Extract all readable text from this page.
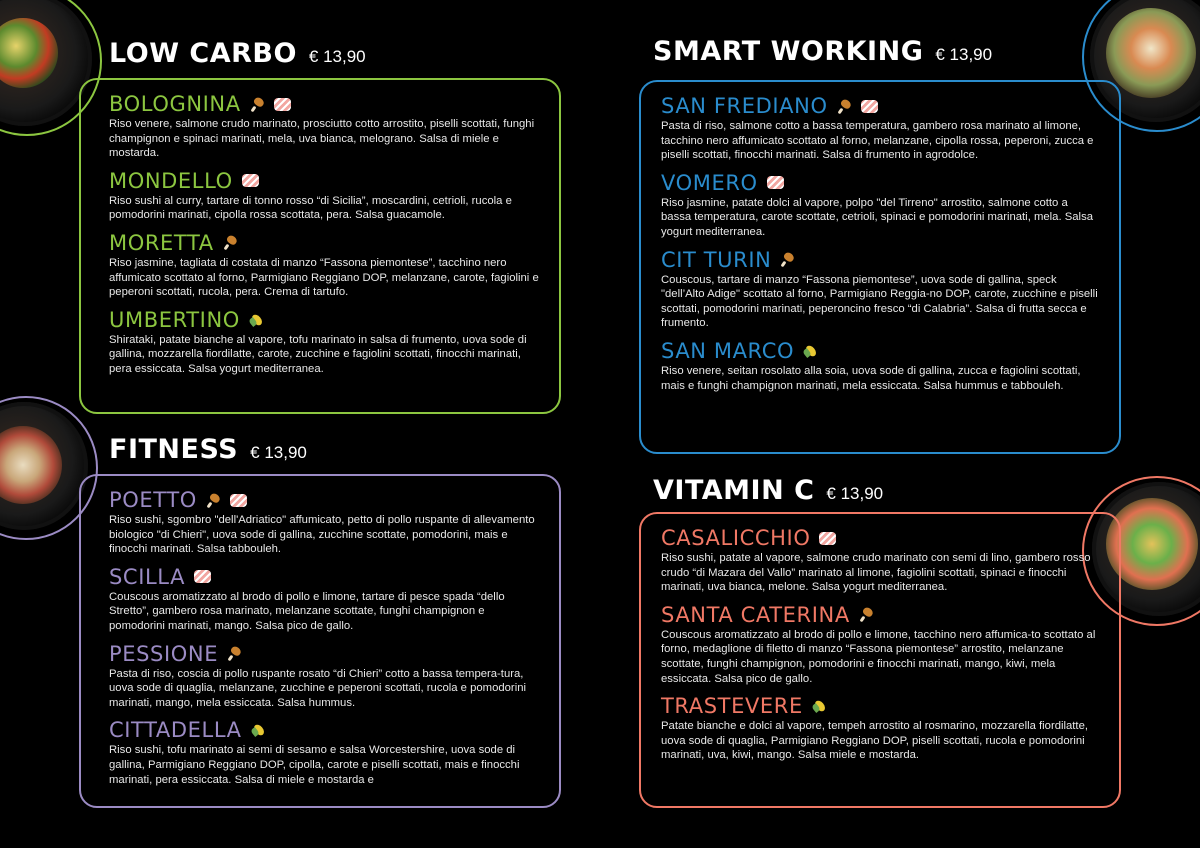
LOW CARBO € 13,90
BOLOGNINA
Riso venere, salmone crudo marinato, prosciutto cotto arrostito, piselli scottati, funghi champignon e spinaci marinati, mela, uva bianca, melograno. Salsa di miele e mostarda.
MONDELLO
Riso sushi al curry, tartare di tonno rosso “di Sicilia”, moscardini, cetrioli, rucola e pomodorini marinati, cipolla rossa scottata, pera. Salsa guacamole.
MORETTA
Riso jasmine, tagliata di costata di manzo “Fassona piemontese”, tacchino nero affumicato scottato al forno, Parmigiano Reggiano DOP, melanzane, carote, fagiolini e peperoni scottati, rucola, pera. Crema di tartufo.
UMBERTINO
Shirataki, patate bianche al vapore, tofu marinato in salsa di frumento, uova sode di gallina, mozzarella fiordilatte, carote, zucchine e fagiolini scottati, finocchi marinati, pera essiccata. Salsa yogurt mediterranea.
FITNESS € 13,90
POETTO
Riso sushi, sgombro "dell'Adriatico" affumicato, petto di pollo ruspante di allevamento biologico "di Chieri", uova sode di gallina, zucchine scottate, pomodorini, mais e finocchi marinati. Salsa tabbouleh.
SCILLA
Couscous aromatizzato al brodo di pollo e limone, tartare di pesce spada “dello Stretto”, gambero rosa marinato, melanzane scottate, funghi champignon e pomodorini marinati, mango. Salsa pico de gallo.
PESSIONE
Pasta di riso, coscia di pollo ruspante rosato “di Chieri” cotto a bassa tempera-tura, uova sode di quaglia, melanzane, zucchine e peperoni scottati, rucola e pomodorini marinati, mango, mela essiccata. Salsa hummus.
CITTADELLA
Riso sushi, tofu marinato ai semi di sesamo e salsa Worcestershire, uova sode di gallina, Parmigiano Reggiano DOP, cipolla, carote e piselli scottati, mais e finocchi marinati, pera essiccata. Salsa di miele e mostarda e
SMART WORKING € 13,90
SAN FREDIANO
Pasta di riso, salmone cotto a bassa temperatura, gambero rosa marinato al limone, tacchino nero affumicato scottato al forno, melanzane, cipolla rossa, peperoni, zucca e piselli scottati, finocchi marinati. Salsa di frumento in agrodolce.
VOMERO
Riso jasmine, patate dolci al vapore, polpo "del Tirreno" arrostito, salmone cotto a bassa temperatura, carote scottate, cetrioli, spinaci e pomodorini marinati, mela. Salsa yogurt mediterranea.
CIT TURIN
Couscous, tartare di manzo “Fassona piemontese”, uova sode di gallina, speck "dell’Alto Adige" scottato al forno, Parmigiano Reggia-no DOP, carote, zucchine e piselli scottati, pomodorini marinati, peperoncino fresco “di Calabria”. Salsa di frutta secca e frumento.
SAN MARCO
Riso venere, seitan rosolato alla soia, uova sode di gallina, zucca e fagiolini scottati, mais e funghi champignon marinati, mela essiccata. Salsa hummus e tabbouleh.
VITAMIN C € 13,90
CASALICCHIO
Riso sushi, patate al vapore, salmone crudo marinato con semi di lino, gambero rosso crudo “di Mazara del Vallo” marinato al limone, fagiolini scottati, spinaci e finocchi marinati, uva bianca, melone. Salsa yogurt mediterranea.
SANTA CATERINA
Couscous aromatizzato al brodo di pollo e limone, tacchino nero affumica-to scottato al forno, medaglione di filetto di manzo “Fassona piemontese” arrostito, melanzane scottate, funghi champignon, pomodorini e finocchi marinati, mango, kiwi, mela essiccata. Salsa pico de gallo.
TRASTEVERE
Patate bianche e dolci al vapore, tempeh arrostito al rosmarino, mozzarella fiordilatte, uova sode di quaglia, Parmigiano Reggiano DOP, piselli scottati, rucola e pomodorini marinati, uva, kiwi, mango. Salsa miele e mostarda.
